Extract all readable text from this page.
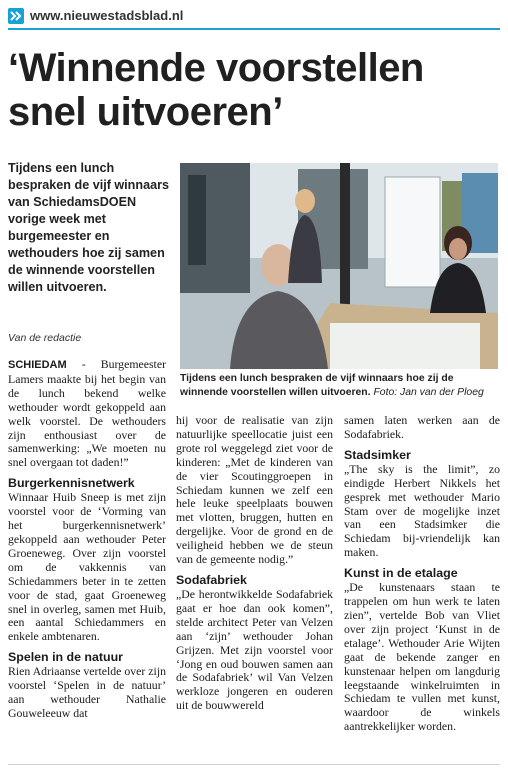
www.nieuwestadsblad.nl
‘Winnende voorstellen snel uitvoeren’
Tijdens een lunch bespraken de vijf winnaars van SchiedamsDOEN vorige week met burgemeester en wethouders hoe zij samen de winnende voorstellen willen uitvoeren.
Van de redactie
Tijdens een lunch bespraken de vijf winnaars hoe zij de winnende voorstellen willen uitvoeren. Foto: Jan van der Ploeg

SCHIEDAM - Burgemeester Lamers maakte bij het begin van de lunch bekend welke wethouder wordt gekoppeld aan welk voorstel. De wethouders zijn enthousiast over de samenwerking: „We moeten nu snel overgaan tot daden!”

Burgerkennisnetwerk

Winnaar Huib Sneep is met zijn voorstel voor de ‘Vorming van het burgerkennisnetwerk’ gekoppeld aan wethouder Peter Groeneweg. Over zijn voorstel om de vakkennis van Schiedammers beter in te zetten voor de stad, gaat Groeneweg snel in overleg, samen met Huib, een aantal Schiedammers en enkele ambtenaren.

Spelen in de natuur

Rien Adriaanse vertelde over zijn voorstel ‘Spelen in de natuur’ aan wethouder Nathalie Gouweleeuw dat

hij voor de realisatie van zijn natuurlijke speellocatie juist een grote rol weggelegd ziet voor de kinderen: „Met de kinderen van de vier Scoutinggroepen in Schiedam kunnen we zelf een hele leuke speelplaats bouwen met vlotten, bruggen, hutten en dergelijke. Voor de grond en de veiligheid hebben we de steun van de gemeente nodig.”

Sodafabriek

„De herontwikkelde Sodafabriek gaat er hoe dan ook komen”, stelde architect Peter van Velzen aan ‘zijn’ wethouder Johan Grijzen. Met zijn voorstel voor ‘Jong en oud bouwen samen aan de Sodafabriek’ wil Van Velzen werkloze jongeren en ouderen uit de bouwwereld

samen laten werken aan de Sodafabriek.

Stadsimker

„The sky is the limit”, zo eindigde Herbert Nikkels het gesprek met wethouder Mario Stam over de mogelijke inzet van een Stadsimker die Schiedam bij-vriendelijk kan maken.

Kunst in de etalage

„De kunstenaars staan te trappelen om hun werk te laten zien”, vertelde Bob van Vliet over zijn project ‘Kunst in de etalage’. Wethouder Arie Wijten gaat de bekende zanger en kunstenaar helpen om langdurig leegstaande winkelruimten in Schiedam te vullen met kunst, waardoor de winkels aantrekkelijker worden.
